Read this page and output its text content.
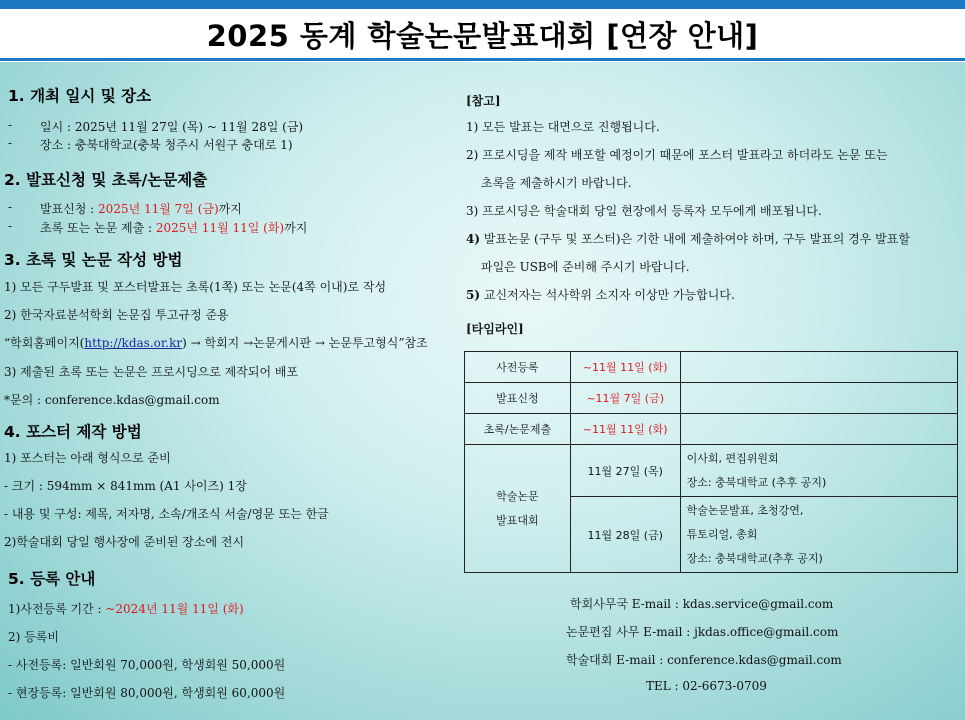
2025 동계 학술논문발표대회 [연장 안내]
1. 개최 일시 및 장소
- 일시 : 2025년 11월 27일 (목) ~ 11월 28일 (금)
- 장소 : 충북대학교(충북 청주시 서원구 충대로 1)
2. 발표신청 및 초록/논문제출
- 발표신청 : 2025년 11월 7일 (금)까지
- 초록 또는 논문 제출 : 2025년 11월 11일 (화)까지
3. 초록 및 논문 작성 방법
1) 모든 구두발표 및 포스터발표는 초록(1쪽) 또는 논문(4쪽 이내)로 작성
2) 한국자료분석학회 논문집 투고규정 준용
“학회홈페이지(http://kdas.or.kr) → 학회지 →논문게시판 → 논문투고형식”참조
3) 제출된 초록 또는 논문은 프로시딩으로 제작되어 배포
*문의 : conference.kdas@gmail.com
4. 포스터 제작 방법
1) 포스터는 아래 형식으로 준비
- 크기 : 594mm × 841mm (A1 사이즈) 1장
- 내용 및 구성: 제목, 저자명, 소속/개조식 서술/영문 또는 한글
2)학술대회 당일 행사장에 준비된 장소에 전시
5. 등록 안내
1)사전등록 기간 : ~2024년 11월 11일 (화)
2) 등록비
- 사전등록: 일반회원 70,000원, 학생회원 50,000원
- 현장등록: 일반회원 80,000원, 학생회원 60,000원
[참고]
1) 모든 발표는 대면으로 진행됩니다.
2) 프로시딩을 제작 배포할 예정이기 때문에 포스터 발표라고 하더라도 논문 또는
초록을 제출하시기 바랍니다.
3) 프로시딩은 학술대회 당일 현장에서 등록자 모두에게 배포됩니다.
4) 발표논문 (구두 및 포스터)은 기한 내에 제출하여야 하며, 구두 발표의 경우 발표할
파일은 USB에 준비해 주시기 바랍니다.
5) 교신저자는 석사학위 소지자 이상만 가능합니다.
[타임라인]
사전등록	~11월 11일 (화)	
발표신청	~11월 7일 (금)	
초록/논문제출	~11월 11일 (화)	

학술논문
발표대회	11월 27일 (목)	이사회, 편집위원회
장소: 충북대학교 (추후 공지)

	11월 28일 (금)	학술논문발표, 초청강연,
튜토리얼, 총회
장소: 충북대학교(추후 공지)
학회사무국 E-mail : kdas.service@gmail.com
논문편집 사무 E-mail : jkdas.office@gmail.com
학술대회 E-mail : conference.kdas@gmail.com
TEL : 02-6673-0709
